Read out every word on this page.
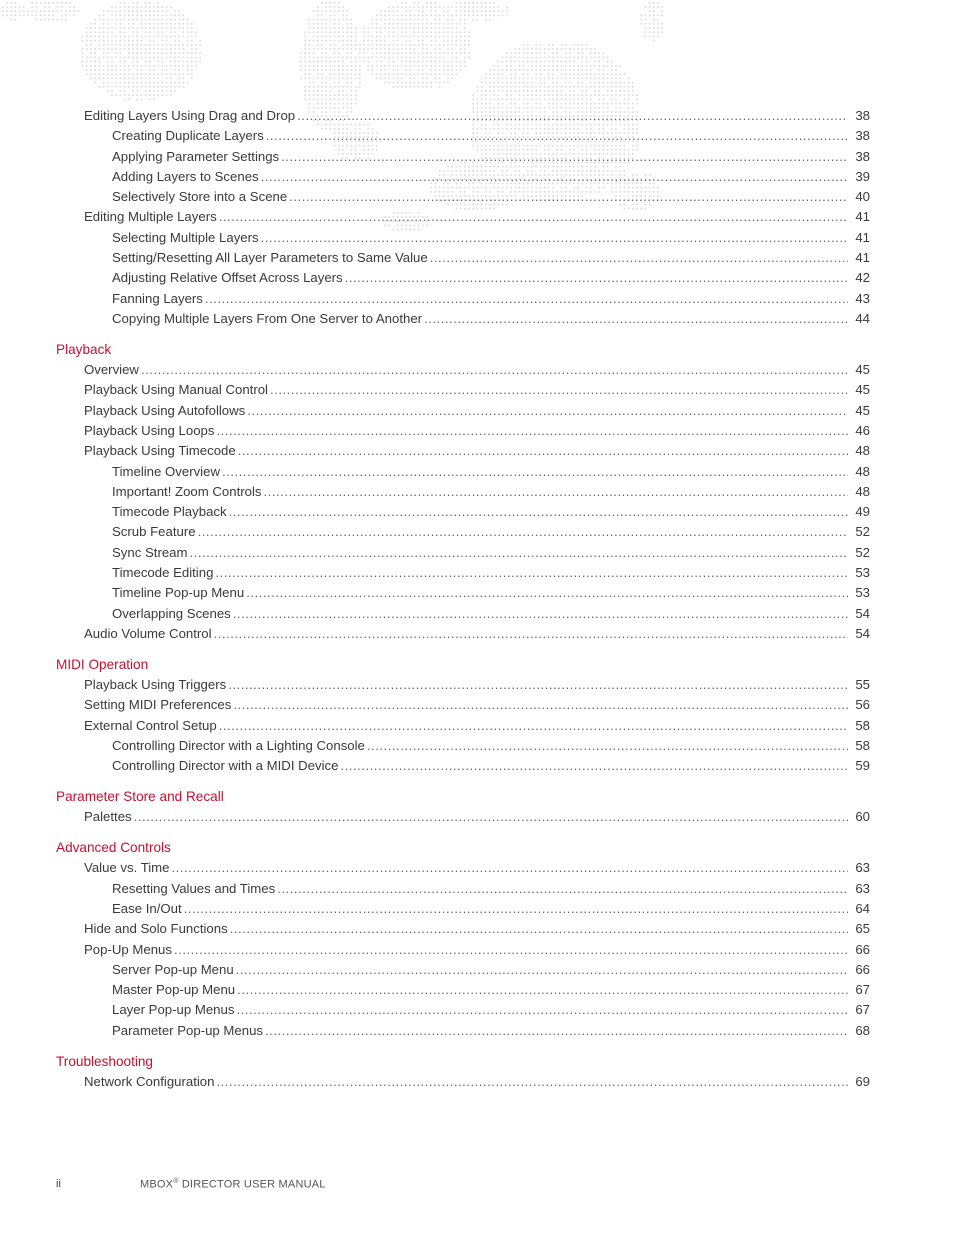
Editing Layers Using Drag and Drop .....	38
Creating Duplicate Layers .....	38
Applying Parameter Settings .....	38
Adding Layers to Scenes .....	39
Selectively Store into a Scene .....	40
Editing Multiple Layers .....	41
Selecting Multiple Layers .....	41
Setting/Resetting All Layer Parameters to Same Value .....	41
Adjusting Relative Offset Across Layers .....	42
Fanning Layers .....	43
Copying Multiple Layers From One Server to Another .....	44
Playback
Overview .....	45
Playback Using Manual Control .....	45
Playback Using Autofollows .....	45
Playback Using Loops .....	46
Playback Using Timecode .....	48
Timeline Overview .....	48
Important! Zoom Controls .....	48
Timecode Playback .....	49
Scrub Feature .....	52
Sync Stream .....	52
Timecode Editing .....	53
Timeline Pop-up Menu .....	53
Overlapping Scenes .....	54
Audio Volume Control .....	54
MIDI Operation
Playback Using Triggers .....	55
Setting MIDI Preferences .....	56
External Control Setup .....	58
Controlling Director with a Lighting Console .....	58
Controlling Director with a MIDI Device .....	59
Parameter Store and Recall
Palettes .....	60
Advanced Controls
Value vs. Time .....	63
Resetting Values and Times .....	63
Ease In/Out .....	64
Hide and Solo Functions .....	65
Pop-Up Menus .....	66
Server Pop-up Menu .....	66
Master Pop-up Menu .....	67
Layer Pop-up Menus .....	67
Parameter Pop-up Menus .....	68
Troubleshooting
Network Configuration .....	69
ii	MBOX® DIRECTOR USER MANUAL
